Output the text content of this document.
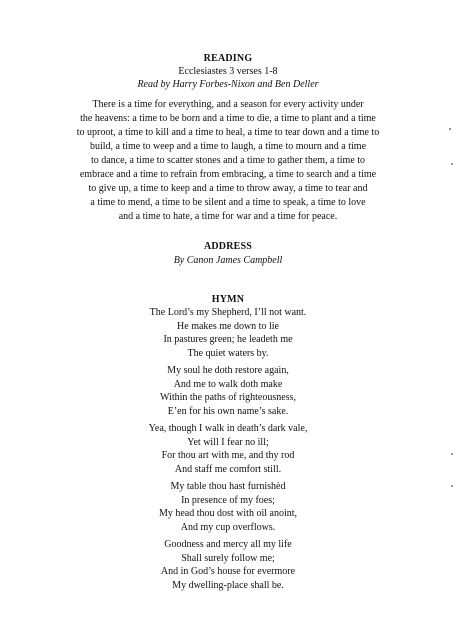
READING
Ecclesiastes 3 verses 1-8
Read by Harry Forbes-Nixon and Ben Deller
There is a time for everything, and a season for every activity under
the heavens: a time to be born and a time to die, a time to plant and a time
to uproot, a time to kill and a time to heal, a time to tear down and a time to
build, a time to weep and a time to laugh, a time to mourn and a time
to dance, a time to scatter stones and a time to gather them, a time to
embrace and a time to refrain from embracing, a time to search and a time
to give up, a time to keep and a time to throw away, a time to tear and
a time to mend, a time to be silent and a time to speak, a time to love
and a time to hate, a time for war and a time for peace.
ADDRESS
By Canon James Campbell
HYMN
The Lord’s my Shepherd, I’ll not want.
He makes me down to lie
In pastures green; he leadeth me
The quiet waters by.
My soul he doth restore again,
And me to walk doth make
Within the paths of righteousness,
E’en for his own name’s sake.
Yea, though I walk in death’s dark vale,
Yet will I fear no ill;
For thou art with me, and thy rod
And staff me comfort still.
My table thou hast furnishèd
In presence of my foes;
My head thou dost with oil anoint,
And my cup overflows.
Goodness and mercy all my life
Shall surely follow me;
And in God’s house for evermore
My dwelling-place shall be.
